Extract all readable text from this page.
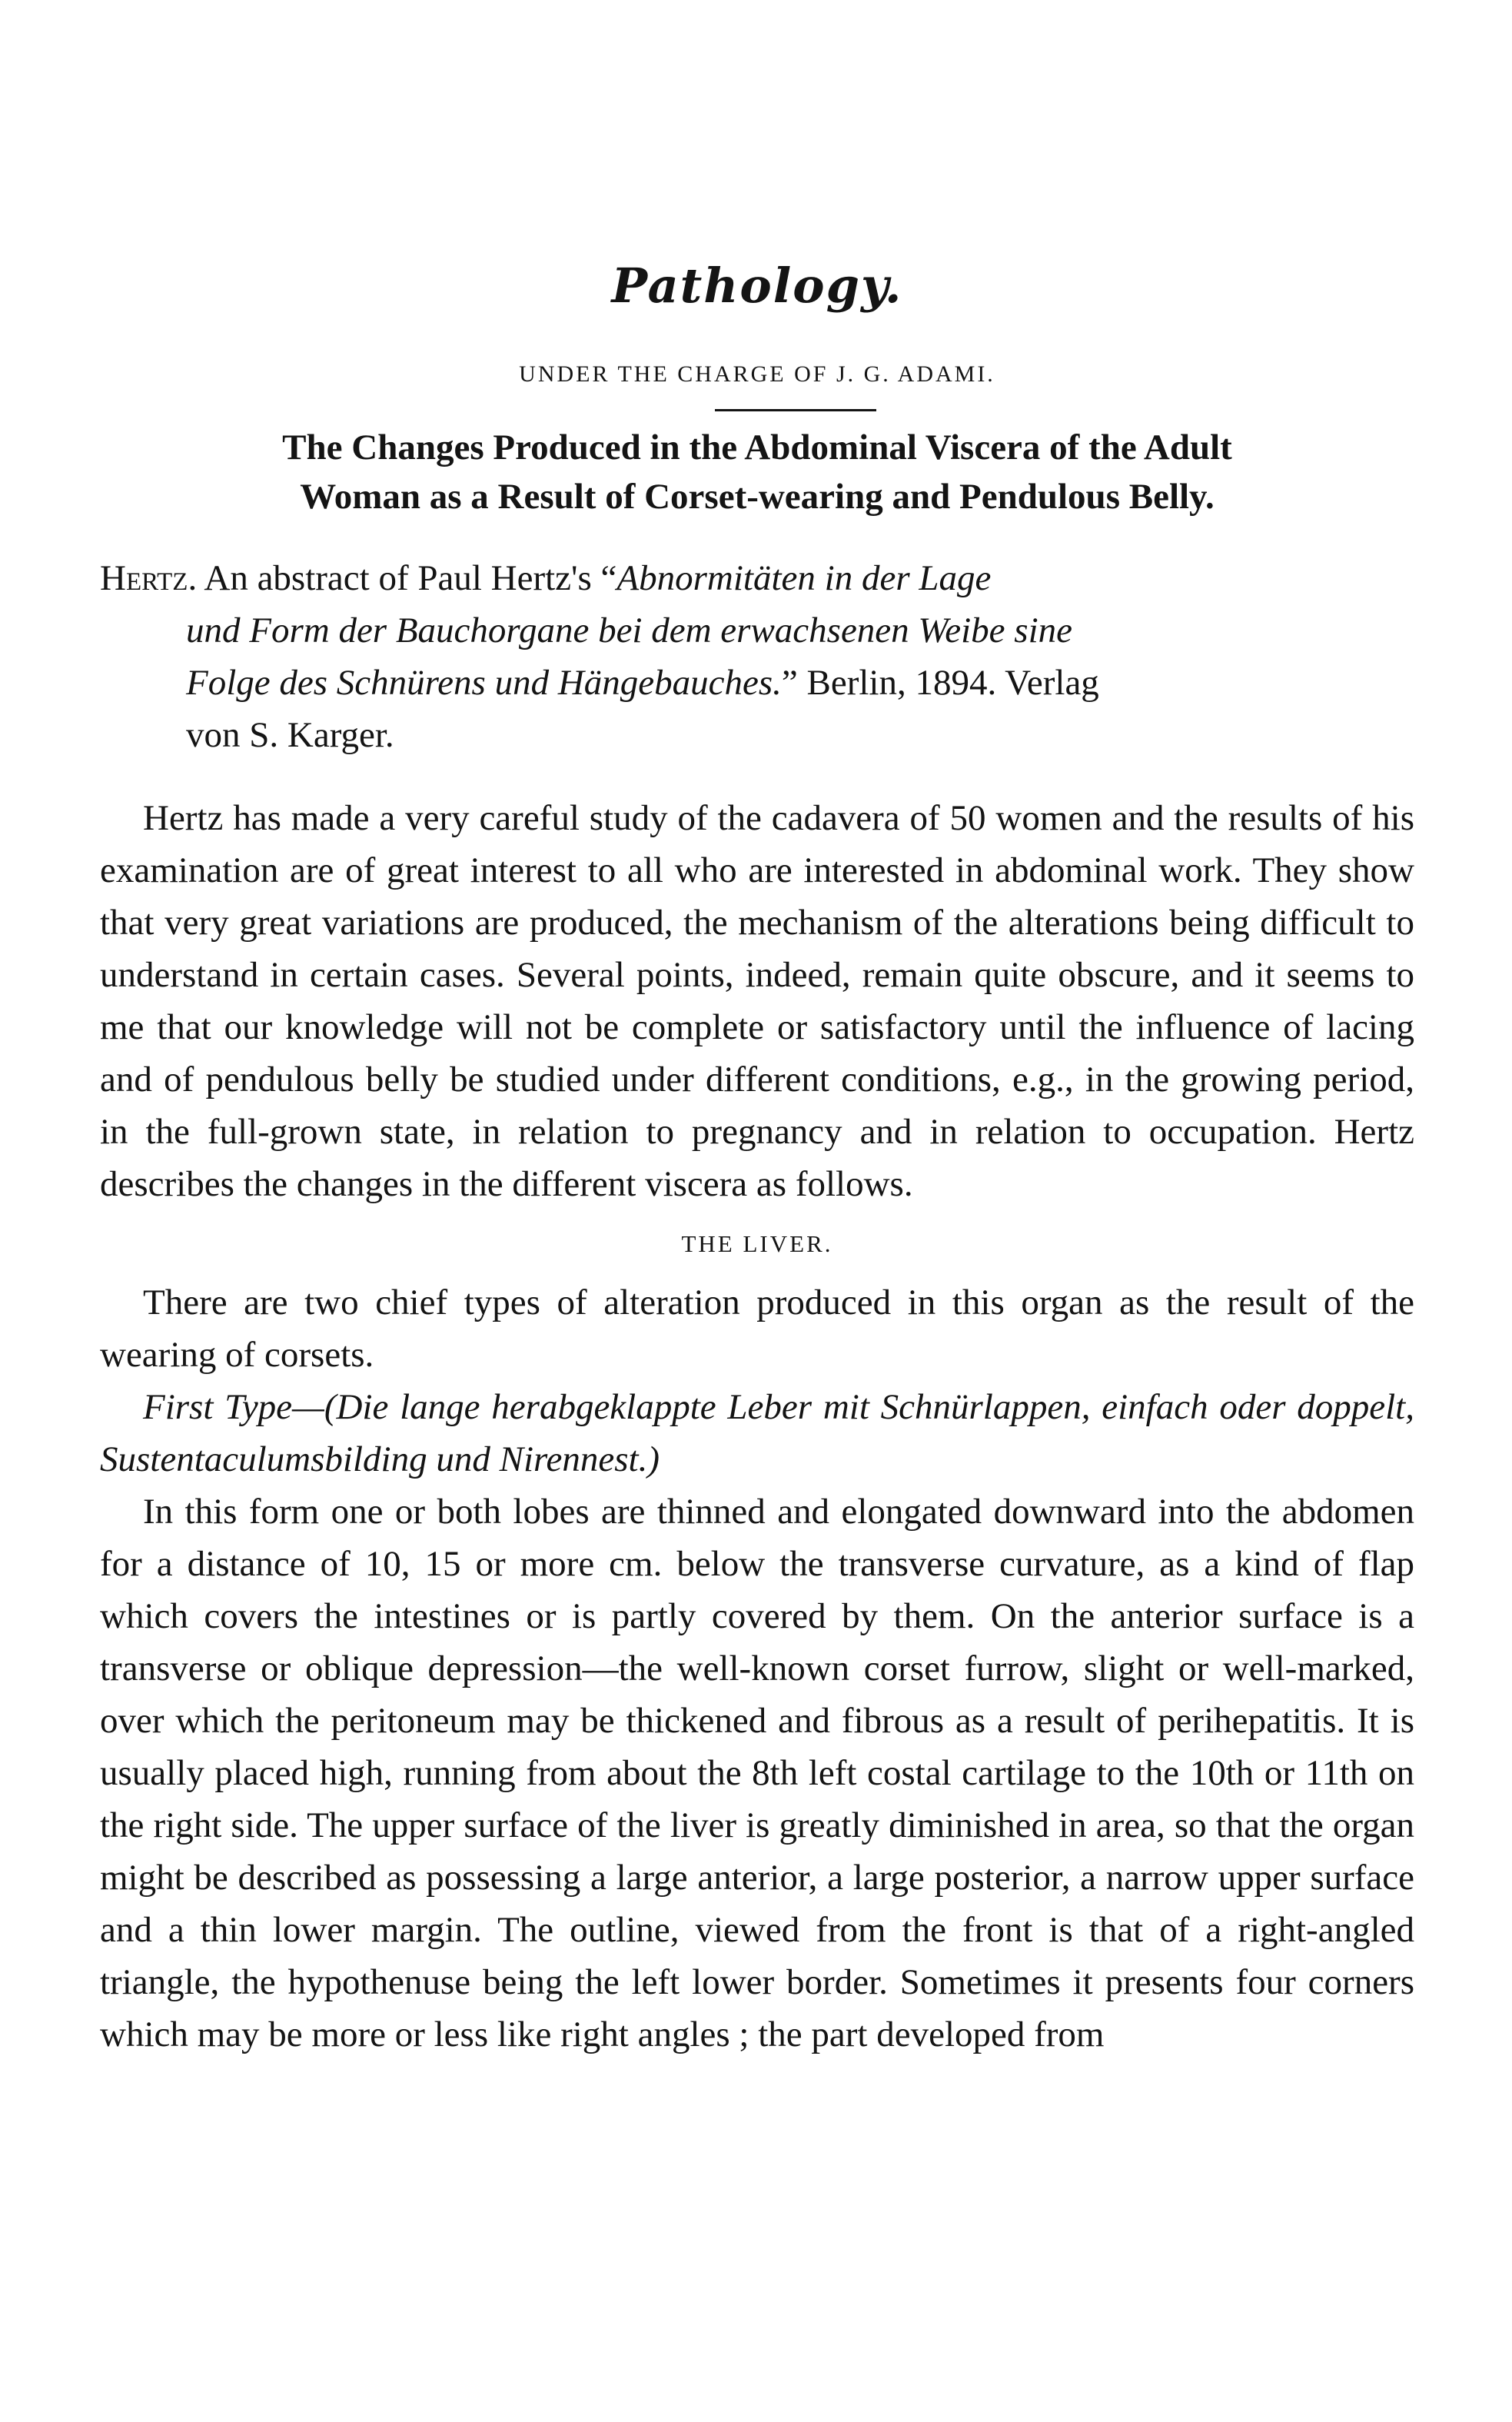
Pathology.
UNDER THE CHARGE OF J. G. ADAMI.
The Changes Produced in the Abdominal Viscera of the Adult
Woman as a Result of Corset-wearing and Pendulous Belly.
Hertz. An abstract of Paul Hertz's “Abnormitäten in der Lage
und Form der Bauchorgane bei dem erwachsenen Weibe sine
Folge des Schnürens und Hängebauches.” Berlin, 1894. Verlag
von S. Karger.

Hertz has made a very careful study of the cadavera of 50 women and the results of his examination are of great interest to all who are interested in abdominal work. They show that very great variations are produced, the mechanism of the alterations being difficult to understand in certain cases. Several points, indeed, remain quite obscure, and it seems to me that our knowledge will not be complete or satisfactory until the influence of lacing and of pendulous belly be studied under different conditions, e.g., in the growing period, in the full-grown state, in relation to pregnancy and in relation to occupation. Hertz describes the changes in the different viscera as follows.

THE LIVER.

There are two chief types of alteration produced in this organ as the result of the wearing of corsets.

First Type—(Die lange herabgeklappte Leber mit Schnürlappen, einfach oder doppelt, Sustentaculumsbilding und Nirennest.)

In this form one or both lobes are thinned and elongated downward into the abdomen for a distance of 10, 15 or more cm. below the transverse curvature, as a kind of flap which covers the intestines or is partly covered by them. On the anterior surface is a transverse or oblique depression—the well-known corset furrow, slight or well-marked, over which the peritoneum may be thickened and fibrous as a result of perihepatitis. It is usually placed high, running from about the 8th left costal cartilage to the 10th or 11th on the right side. The upper surface of the liver is greatly diminished in area, so that the organ might be described as possessing a large anterior, a large posterior, a narrow upper surface and a thin lower margin. The outline, viewed from the front is that of a right-angled triangle, the hypothenuse being the left lower border. Sometimes it presents four corners which may be more or less like right angles ; the part developed from
